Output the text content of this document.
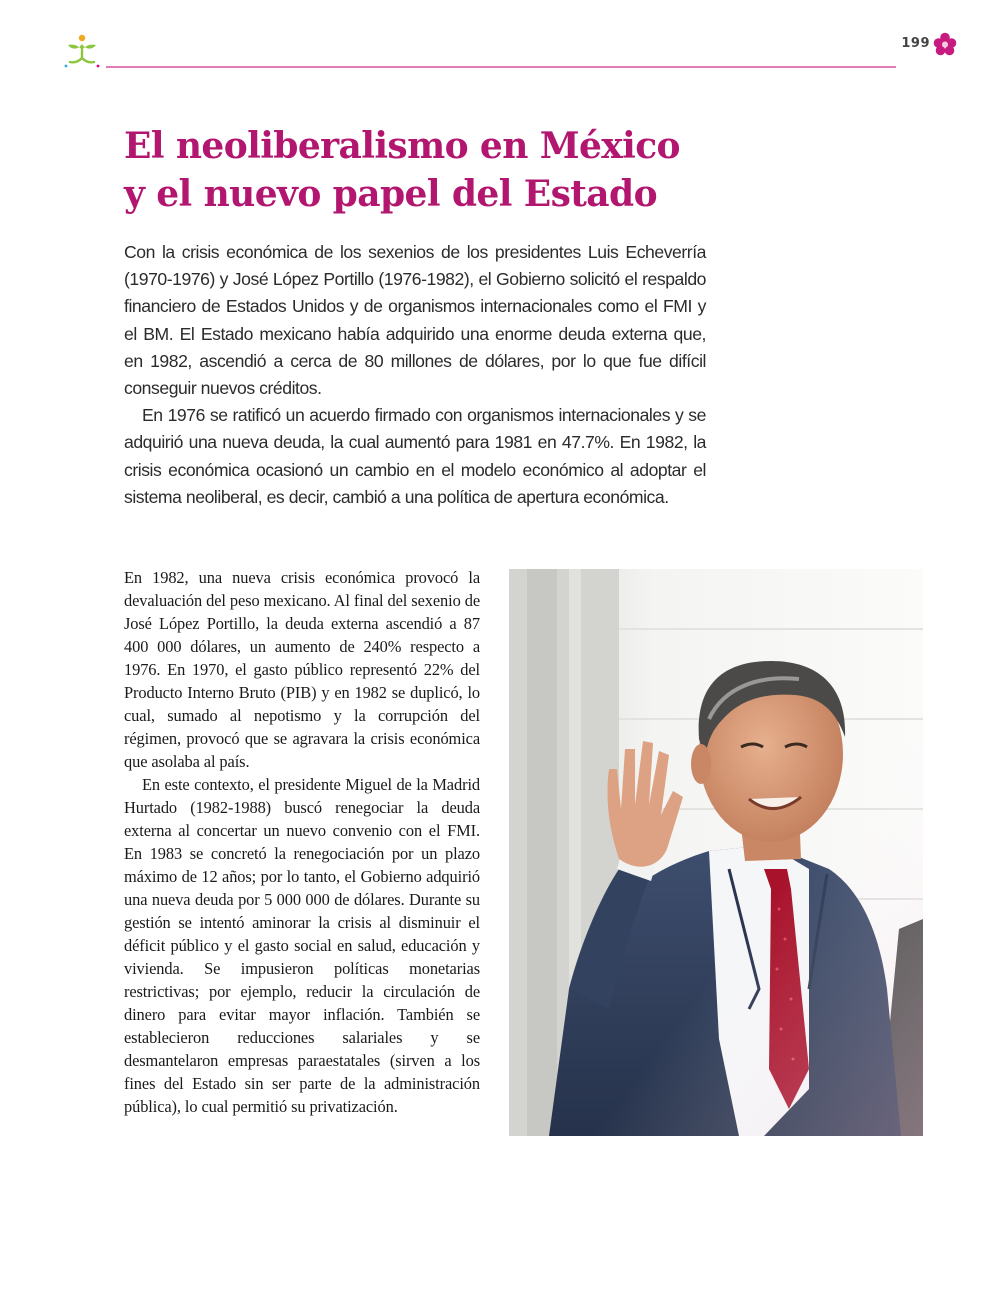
199
El neoliberalismo en México
y el nuevo papel del Estado

Con la crisis económica de los sexenios de los presidentes Luis Echeverría (1970-1976) y José López Portillo (1976-1982), el Gobierno solicitó el respaldo financiero de Estados Unidos y de organismos internacionales como el FMI y el BM. El Estado mexicano había adquirido una enorme deuda externa que, en 1982, ascendió a cerca de 80 millones de dólares, por lo que fue difícil conseguir nuevos créditos.

En 1976 se ratificó un acuerdo firmado con organismos internacionales y se adquirió una nueva deuda, la cual aumentó para 1981 en 47.7%. En 1982, la crisis económica ocasionó un cambio en el modelo económico al adoptar el sistema neoliberal, es decir, cambió a una política de apertura económica.

En 1982, una nueva crisis económica provocó la devaluación del peso mexicano. Al final del sexenio de José López Portillo, la deuda externa ascendió a 87 400 000 dólares, un aumento de 240% respecto a 1976. En 1970, el gasto público representó 22% del Producto Interno Bruto (PIB) y en 1982 se duplicó, lo cual, sumado al nepotismo y la corrupción del régimen, provocó que se agravara la crisis económica que asolaba al país.

En este contexto, el presidente Miguel de la Madrid Hurtado (1982-1988) buscó renegociar la deuda externa al concertar un nuevo convenio con el FMI. En 1983 se concretó la renegociación por un plazo máximo de 12 años; por lo tanto, el Gobierno adquirió una nueva deuda por 5 000 000 de dólares. Durante su gestión se intentó aminorar la crisis al disminuir el déficit público y el gasto social en salud, educación y vivienda. Se impusieron políticas monetarias restrictivas; por ejemplo, reducir la circulación de dinero para evitar mayor inflación. También se establecieron reducciones salariales y se desmantelaron empresas paraestatales (sirven a los fines del Estado sin ser parte de la administración pública), lo cual permitió su privatización.
